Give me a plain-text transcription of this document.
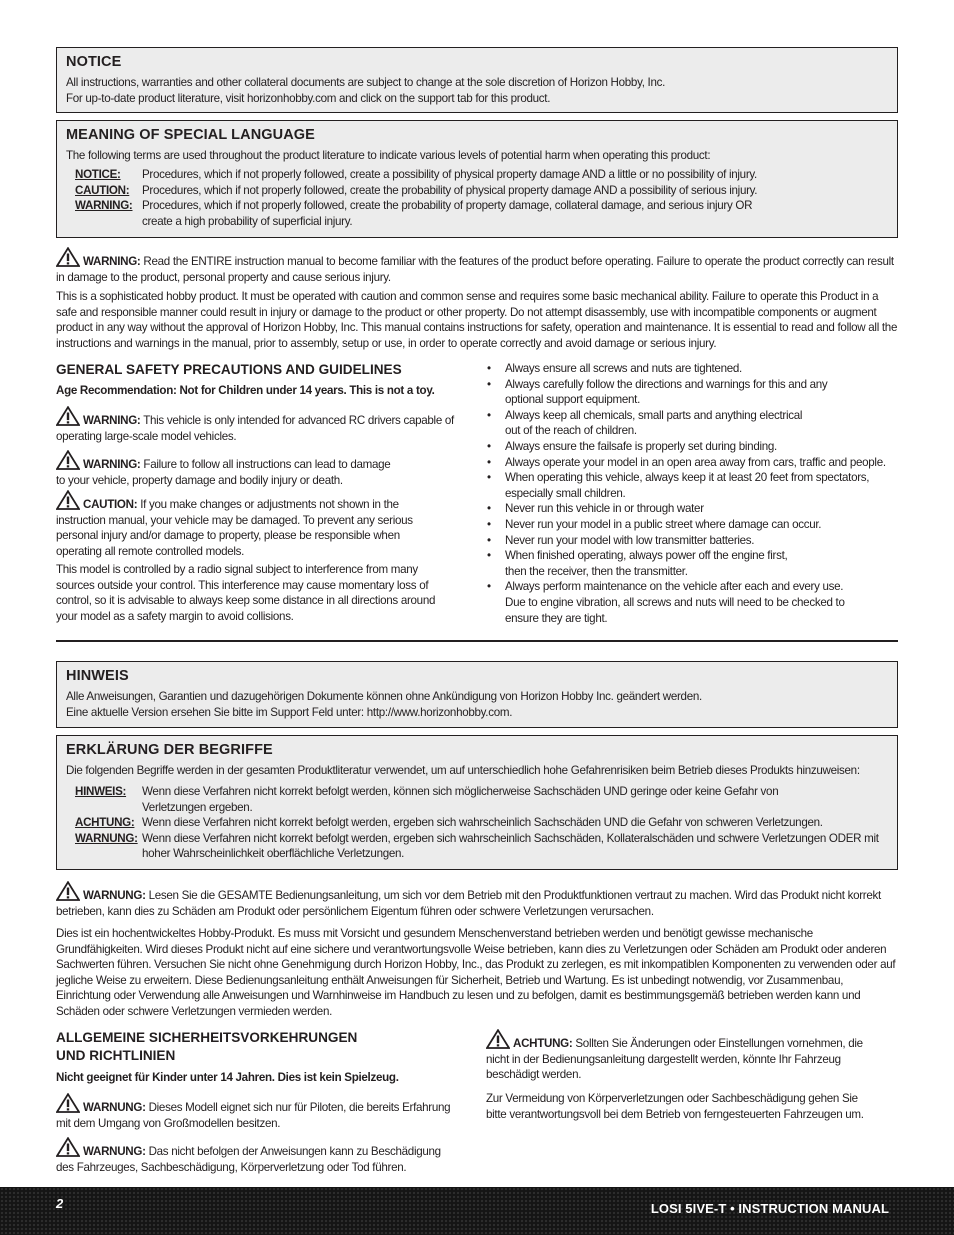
NOTICE

All instructions, warranties and other collateral documents are subject to change at the sole discretion of Horizon Hobby, Inc.

For up-to-date product literature, visit horizonhobby.com and click on the support tab for this product.

MEANING OF SPECIAL LANGUAGE

The following terms are used throughout the product literature to indicate various levels of potential harm when operating this product:

NOTICE:	Procedures, which if not properly followed, create a possibility of physical property damage AND a little or no possibility of injury.
CAUTION:	Procedures, which if not properly followed, create the probability of physical property damage AND a possibility of serious injury.
WARNING: Procedures, which if not properly followed, create the probability of property damage, collateral damage, and serious injury OR create a high probability of superficial injury.
WARNING: Read the ENTIRE instruction manual to become familiar with the features of the product before operating. Failure to operate the product correctly can result in damage to the product, personal property and cause serious injury.
This is a sophisticated hobby product. It must be operated with caution and common sense and requires some basic mechanical ability. Failure to operate this Product in a safe and responsible manner could result in injury or damage to the product or other property. Do not attempt disassembly, use with incompatible components or augment product in any way without the approval of Horizon Hobby, Inc. This manual contains instructions for safety, operation and maintenance. It is essential to read and follow all the instructions and warnings in the manual, prior to assembly, setup or use, in order to operate correctly and avoid damage or serious injury.
GENERAL SAFETY PRECAUTIONS AND GUIDELINES
Age Recommendation: Not for Children under 14 years. This is not a toy.
WARNING: This vehicle is only intended for advanced RC drivers capable of operating large-scale model vehicles.
WARNING: Failure to follow all instructions can lead to damage to your vehicle, property damage and bodily injury or death.
CAUTION: If you make changes or adjustments not shown in the instruction manual, your vehicle may be damaged. To prevent any serious personal injury and/or damage to property, please be responsible when operating all remote controlled models.
This model is controlled by a radio signal subject to interference from many sources outside your control. This interference may cause momentary loss of control, so it is advisable to always keep some distance in all directions around your model as a safety margin to avoid collisions.
• Always ensure all screws and nuts are tightened.
• Always carefully follow the directions and warnings for this and any optional support equipment.
• Always keep all chemicals, small parts and anything electrical out of the reach of children.
• Always ensure the failsafe is properly set during binding.
• Always operate your model in an open area away from cars, traffic and people.
• When operating this vehicle, always keep it at least 20 feet from spectators, especially small children.
• Never run this vehicle in or through water
• Never run your model in a public street where damage can occur.
• Never run your model with low transmitter batteries.
• When finished operating, always power off the engine first, then the receiver, then the transmitter.
• Always perform maintenance on the vehicle after each and every use. Due to engine vibration, all screws and nuts will need to be checked to ensure they are tight.
HINWEIS

Alle Anweisungen, Garantien und dazugehörigen Dokumente können ohne Ankündigung von Horizon Hobby Inc. geändert werden.

Eine aktuelle Version ersehen Sie bitte im Support Feld unter: http://www.horizonhobby.com.

ERKLÄRUNG DER BEGRIFFE

Die folgenden Begriffe werden in der gesamten Produktliteratur verwendet, um auf unterschiedlich hohe Gefahrenrisiken beim Betrieb dieses Produkts hinzuweisen:

HINWEIS:	Wenn diese Verfahren nicht korrekt befolgt werden, können sich möglicherweise Sachschäden UND geringe oder keine Gefahr von Verletzungen ergeben.
ACHTUNG: Wenn diese Verfahren nicht korrekt befolgt werden, ergeben sich wahrscheinlich Sachschäden UND die Gefahr von schweren Verletzungen.
WARNUNG: Wenn diese Verfahren nicht korrekt befolgt werden, ergeben sich wahrscheinlich Sachschäden, Kollateralschäden und schwere Verletzungen ODER mit hoher Wahrscheinlichkeit oberflächliche Verletzungen.
WARNUNG: Lesen Sie die GESAMTE Bedienungsanleitung, um sich vor dem Betrieb mit den Produktfunktionen vertraut zu machen. Wird das Produkt nicht korrekt betrieben, kann dies zu Schäden am Produkt oder persönlichem Eigentum führen oder schwere Verletzungen verursachen.
Dies ist ein hochentwickeltes Hobby-Produkt. Es muss mit Vorsicht und gesundem Menschenverstand betrieben werden und benötigt gewisse mechanische Grundfähigkeiten. Wird dieses Produkt nicht auf eine sichere und verantwortungsvolle Weise betrieben, kann dies zu Verletzungen oder Schäden am Produkt oder anderen Sachwerten führen. Versuchen Sie nicht ohne Genehmigung durch Horizon Hobby, Inc., das Produkt zu zerlegen, es mit inkompatiblen Komponenten zu verwenden oder auf jegliche Weise zu erweitern. Diese Bedienungsanleitung enthält Anweisungen für Sicherheit, Betrieb und Wartung. Es ist unbedingt notwendig, vor Zusammenbau, Einrichtung oder Verwendung alle Anweisungen und Warnhinweise im Handbuch zu lesen und zu befolgen, damit es bestimmungsgemäß betrieben werden kann und Schäden oder schwere Verletzungen vermieden werden.
ALLGEMEINE SICHERHEITSVORKEHRUNGEN
UND RICHTLINIEN
Nicht geeignet für Kinder unter 14 Jahren. Dies ist kein Spielzeug.
WARNUNG: Dieses Modell eignet sich nur für Piloten, die bereits Erfahrung mit dem Umgang von Großmodellen besitzen.
WARNUNG: Das nicht befolgen der Anweisungen kann zu Beschädigung des Fahrzeuges, Sachbeschädigung, Körperverletzung oder Tod führen.
ACHTUNG: Sollten Sie Änderungen oder Einstellungen vornehmen, die nicht in der Bedienungsanleitung dargestellt werden, könnte Ihr Fahrzeug beschädigt werden.
Zur Vermeidung von Körperverletzungen oder Sachbeschädigung gehen Sie bitte verantwortungsvoll bei dem Betrieb von ferngesteuerten Fahrzeugen um.
2	LOSI 5IVE-T • INSTRUCTION MANUAL
